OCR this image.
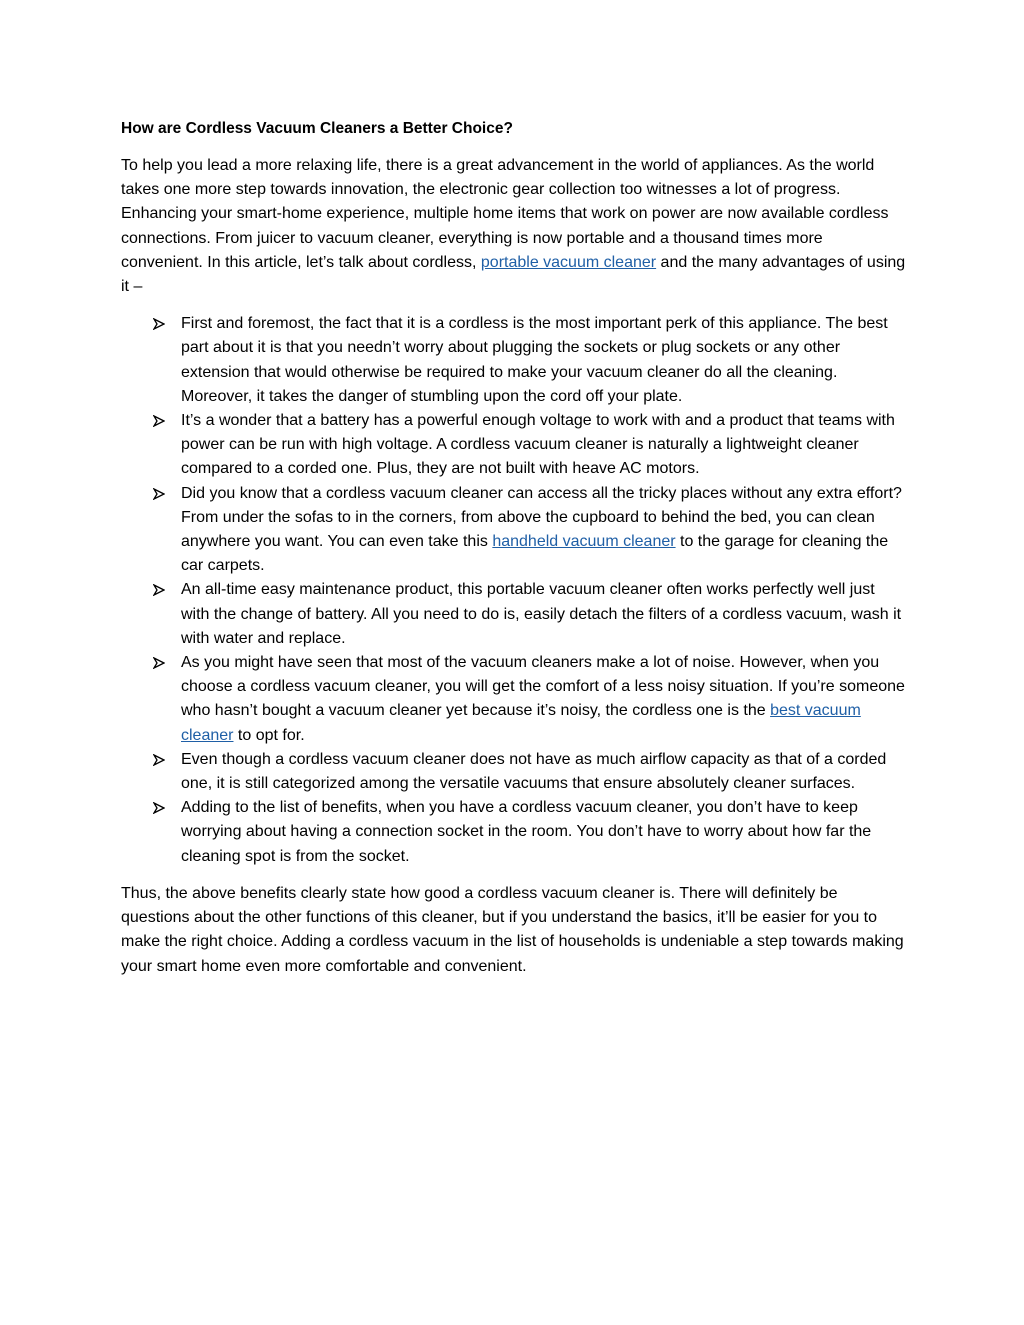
How are Cordless Vacuum Cleaners a Better Choice?

To help you lead a more relaxing life, there is a great advancement in the world of appliances. As the world takes one more step towards innovation, the electronic gear collection too witnesses a lot of progress. Enhancing your smart-home experience, multiple home items that work on power are now available cordless connections. From juicer to vacuum cleaner, everything is now portable and a thousand times more convenient. In this article, let’s talk about cordless, portable vacuum cleaner and the many advantages of using it –

First and foremost, the fact that it is a cordless is the most important perk of this appliance. The best part about it is that you needn’t worry about plugging the sockets or plug sockets or any other extension that would otherwise be required to make your vacuum cleaner do all the cleaning. Moreover, it takes the danger of stumbling upon the cord off your plate.
It’s a wonder that a battery has a powerful enough voltage to work with and a product that teams with power can be run with high voltage. A cordless vacuum cleaner is naturally a lightweight cleaner compared to a corded one. Plus, they are not built with heave AC motors.
Did you know that a cordless vacuum cleaner can access all the tricky places without any extra effort? From under the sofas to in the corners, from above the cupboard to behind the bed, you can clean anywhere you want. You can even take this handheld vacuum cleaner to the garage for cleaning the car carpets.
An all-time easy maintenance product, this portable vacuum cleaner often works perfectly well just with the change of battery. All you need to do is, easily detach the filters of a cordless vacuum, wash it with water and replace.
As you might have seen that most of the vacuum cleaners make a lot of noise. However, when you choose a cordless vacuum cleaner, you will get the comfort of a less noisy situation. If you’re someone who hasn’t bought a vacuum cleaner yet because it’s noisy, the cordless one is the best vacuum cleaner to opt for.
Even though a cordless vacuum cleaner does not have as much airflow capacity as that of a corded one, it is still categorized among the versatile vacuums that ensure absolutely cleaner surfaces.
Adding to the list of benefits, when you have a cordless vacuum cleaner, you don’t have to keep worrying about having a connection socket in the room. You don’t have to worry about how far the cleaning spot is from the socket.

Thus, the above benefits clearly state how good a cordless vacuum cleaner is. There will definitely be questions about the other functions of this cleaner, but if you understand the basics, it’ll be easier for you to make the right choice. Adding a cordless vacuum in the list of households is undeniable a step towards making your smart home even more comfortable and convenient.
